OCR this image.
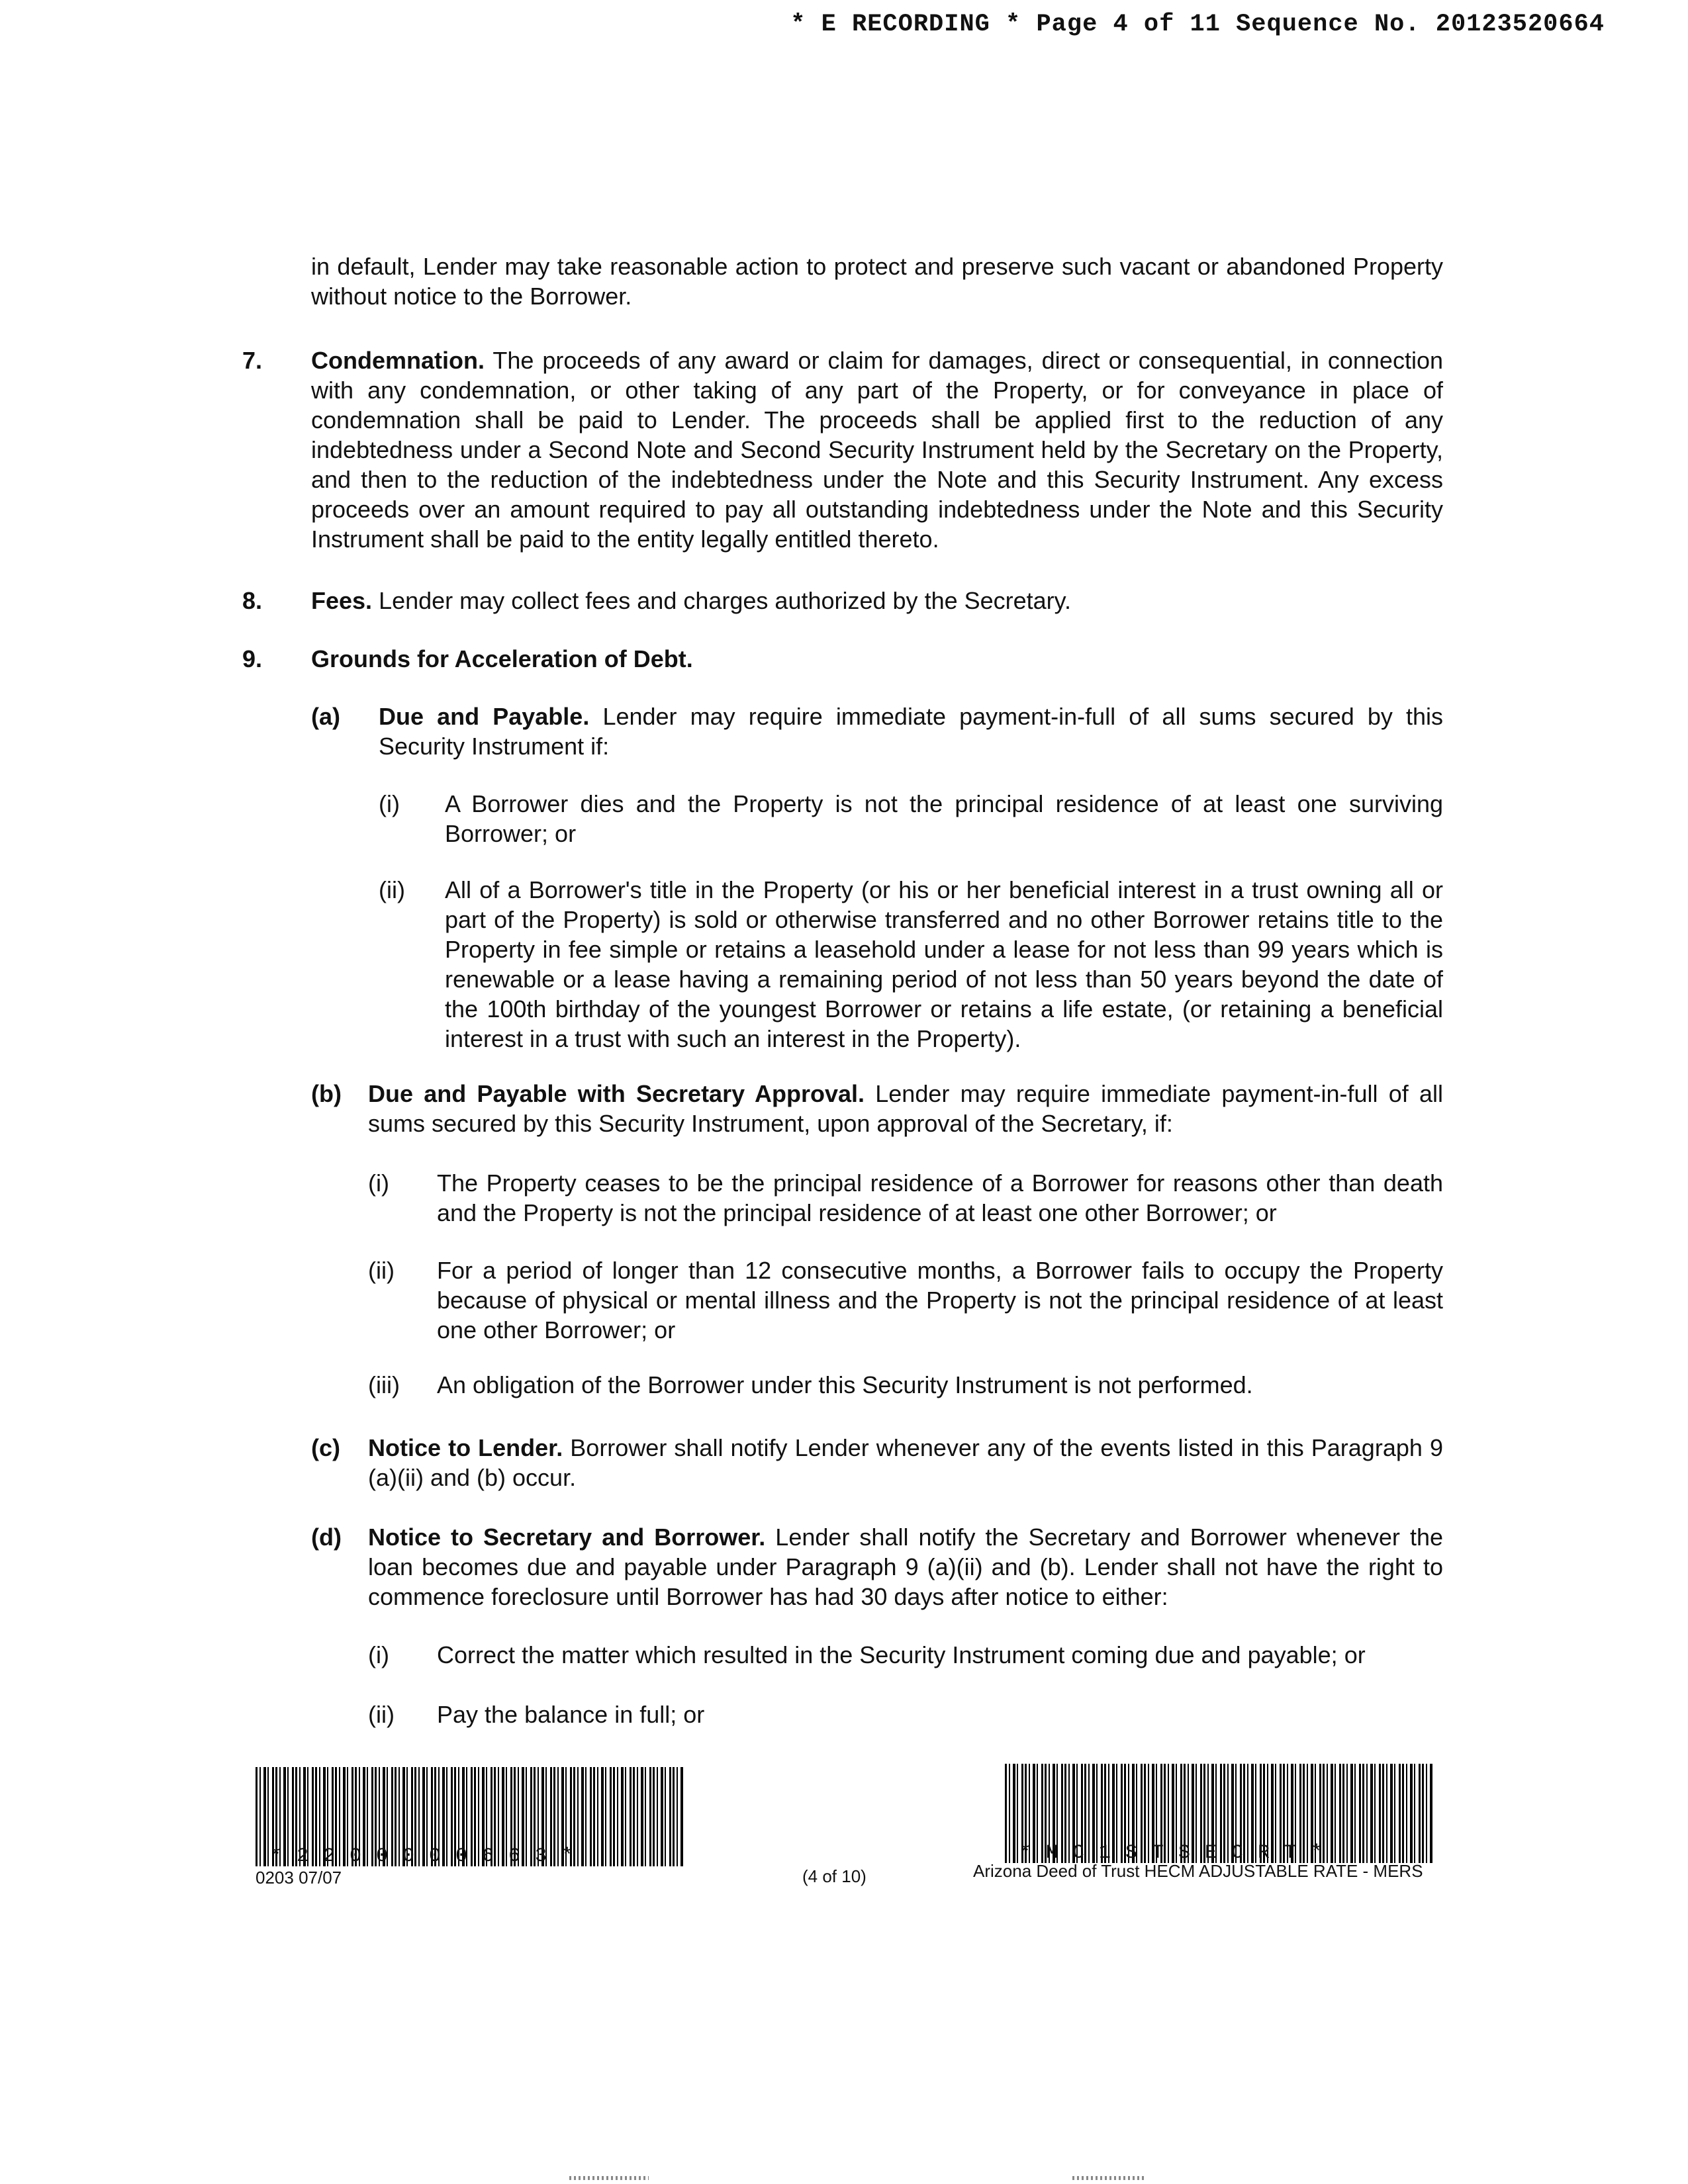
* E RECORDING * Page 4 of 11 Sequence No. 20123520664
in default, Lender may take reasonable action to protect and preserve such vacant or abandoned Property without notice to the Borrower.
7. Condemnation. The proceeds of any award or claim for damages, direct or consequential, in connection with any condemnation, or other taking of any part of the Property, or for conveyance in place of condemnation shall be paid to Lender. The proceeds shall be applied first to the reduction of any indebtedness under a Second Note and Second Security Instrument held by the Secretary on the Property, and then to the reduction of the indebtedness under the Note and this Security Instrument. Any excess proceeds over an amount required to pay all outstanding indebtedness under the Note and this Security Instrument shall be paid to the entity legally entitled thereto.
8. Fees. Lender may collect fees and charges authorized by the Secretary.
9. Grounds for Acceleration of Debt.
(a) Due and Payable. Lender may require immediate payment-in-full of all sums secured by this Security Instrument if:
(i) A Borrower dies and the Property is not the principal residence of at least one surviving Borrower; or
(ii) All of a Borrower's title in the Property (or his or her beneficial interest in a trust owning all or part of the Property) is sold or otherwise transferred and no other Borrower retains title to the Property in fee simple or retains a leasehold under a lease for not less than 99 years which is renewable or a lease having a remaining period of not less than 50 years beyond the date of the 100th birthday of the youngest Borrower or retains a life estate, (or retaining a beneficial interest in a trust with such an interest in the Property).
(b) Due and Payable with Secretary Approval. Lender may require immediate payment-in-full of all sums secured by this Security Instrument, upon approval of the Secretary, if:
(i) The Property ceases to be the principal residence of a Borrower for reasons other than death and the Property is not the principal residence of at least one other Borrower; or
(ii) For a period of longer than 12 consecutive months, a Borrower fails to occupy the Property because of physical or mental illness and the Property is not the principal residence of at least one other Borrower; or
(iii) An obligation of the Borrower under this Security Instrument is not performed.
(c) Notice to Lender. Borrower shall notify Lender whenever any of the events listed in this Paragraph 9 (a)(ii) and (b) occur.
(d) Notice to Secretary and Borrower. Lender shall notify the Secretary and Borrower whenever the loan becomes due and payable under Paragraph 9 (a)(ii) and (b). Lender shall not have the right to commence foreclosure until Borrower has had 30 days after notice to either:
(i) Correct the matter which resulted in the Security Instrument coming due and payable; or
(ii) Pay the balance in full; or
*2200000663*	*MC1STSECRT*
0203 07/07	(4 of 10)	Arizona Deed of Trust HECM ADJUSTABLE RATE - MERS
